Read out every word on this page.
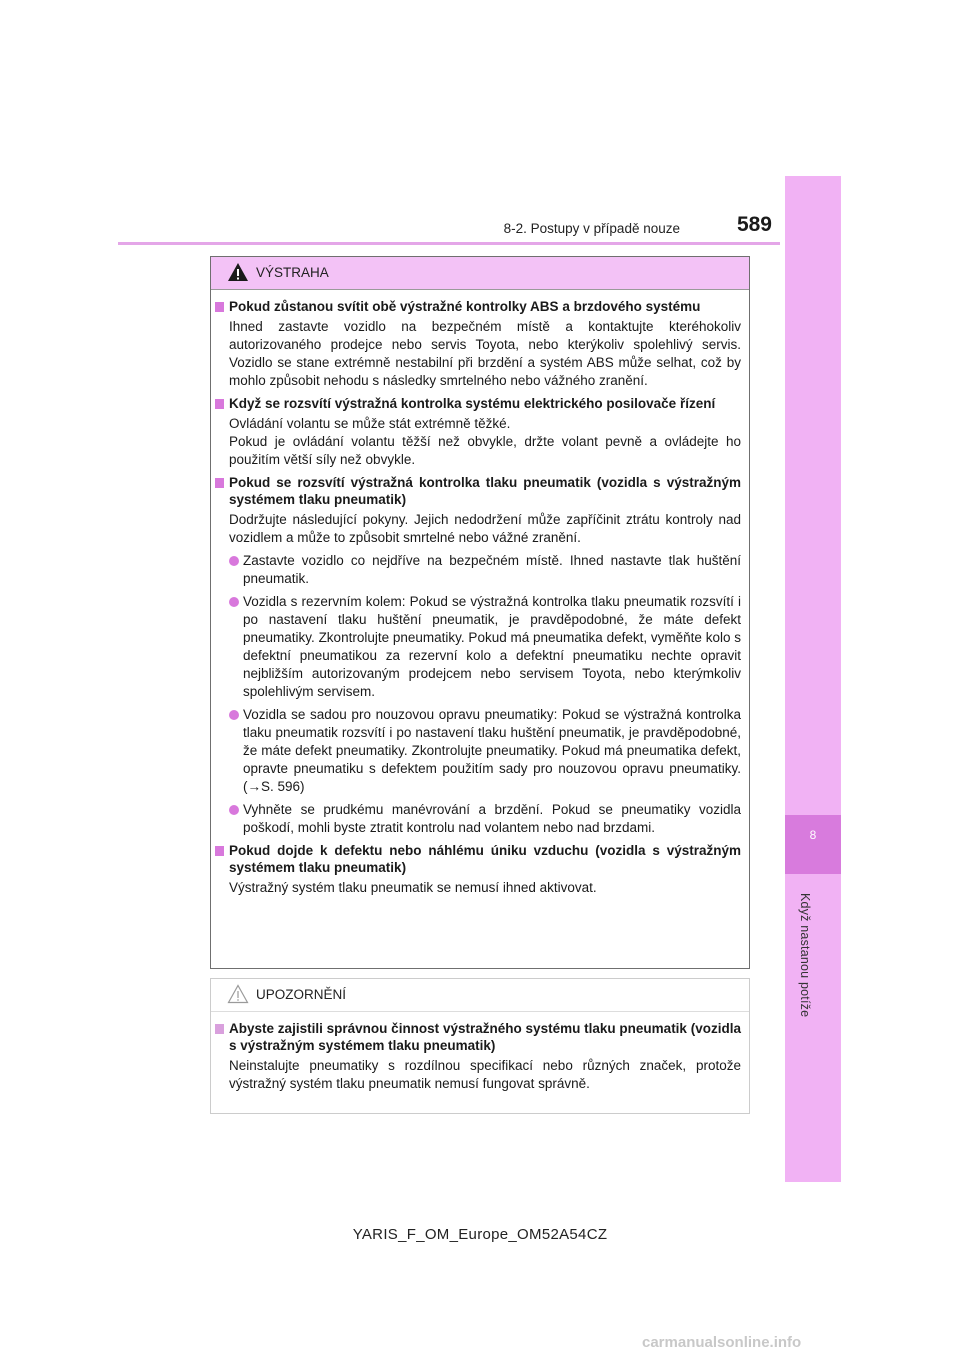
8-2. Postupy v případě nouze	589
8
Když nastanou potíže
VÝSTRAHA
Pokud zůstanou svítit obě výstražné kontrolky ABS a brzdového systému
Ihned zastavte vozidlo na bezpečném místě a kontaktujte kteréhokoliv autorizovaného prodejce nebo servis Toyota, nebo kterýkoliv spolehlivý servis. Vozidlo se stane extrémně nestabilní při brzdění a systém ABS může selhat, což by mohlo způsobit nehodu s následky smrtelného nebo vážného zranění.
Když se rozsvítí výstražná kontrolka systému elektrického posilovače řízení
Ovládání volantu se může stát extrémně těžké.
Pokud je ovládání volantu těžší než obvykle, držte volant pevně a ovládejte ho použitím větší síly než obvykle.
Pokud se rozsvítí výstražná kontrolka tlaku pneumatik (vozidla s výstražným systémem tlaku pneumatik)
Dodržujte následující pokyny. Jejich nedodržení může zapříčinit ztrátu kontroly nad vozidlem a může to způsobit smrtelné nebo vážné zranění.
Zastavte vozidlo co nejdříve na bezpečném místě. Ihned nastavte tlak huštění pneumatik.
Vozidla s rezervním kolem: Pokud se výstražná kontrolka tlaku pneumatik rozsvítí i po nastavení tlaku huštění pneumatik, je pravděpodobné, že máte defekt pneumatiky. Zkontrolujte pneumatiky. Pokud má pneumatika defekt, vyměňte kolo s defektní pneumatikou za rezervní kolo a defektní pneumatiku nechte opravit nejbližším autorizovaným prodejcem nebo servisem Toyota, nebo kterýmkoliv spolehlivým servisem.
Vozidla se sadou pro nouzovou opravu pneumatiky: Pokud se výstražná kontrolka tlaku pneumatik rozsvítí i po nastavení tlaku huštění pneumatik, je pravděpodobné, že máte defekt pneumatiky. Zkontrolujte pneumatiky. Pokud má pneumatika defekt, opravte pneumatiku s defektem použitím sady pro nouzovou opravu pneumatiky. (→S. 596)
Vyhněte se prudkému manévrování a brzdění. Pokud se pneumatiky vozidla poškodí, mohli byste ztratit kontrolu nad volantem nebo nad brzdami.
Pokud dojde k defektu nebo náhlému úniku vzduchu (vozidla s výstražným systémem tlaku pneumatik)
Výstražný systém tlaku pneumatik se nemusí ihned aktivovat.
UPOZORNĚNÍ
Abyste zajistili správnou činnost výstražného systému tlaku pneumatik (vozidla s výstražným systémem tlaku pneumatik)
Neinstalujte pneumatiky s rozdílnou specifikací nebo různých značek, protože výstražný systém tlaku pneumatik nemusí fungovat správně.
YARIS_F_OM_Europe_OM52A54CZ
carmanualsonline.info
